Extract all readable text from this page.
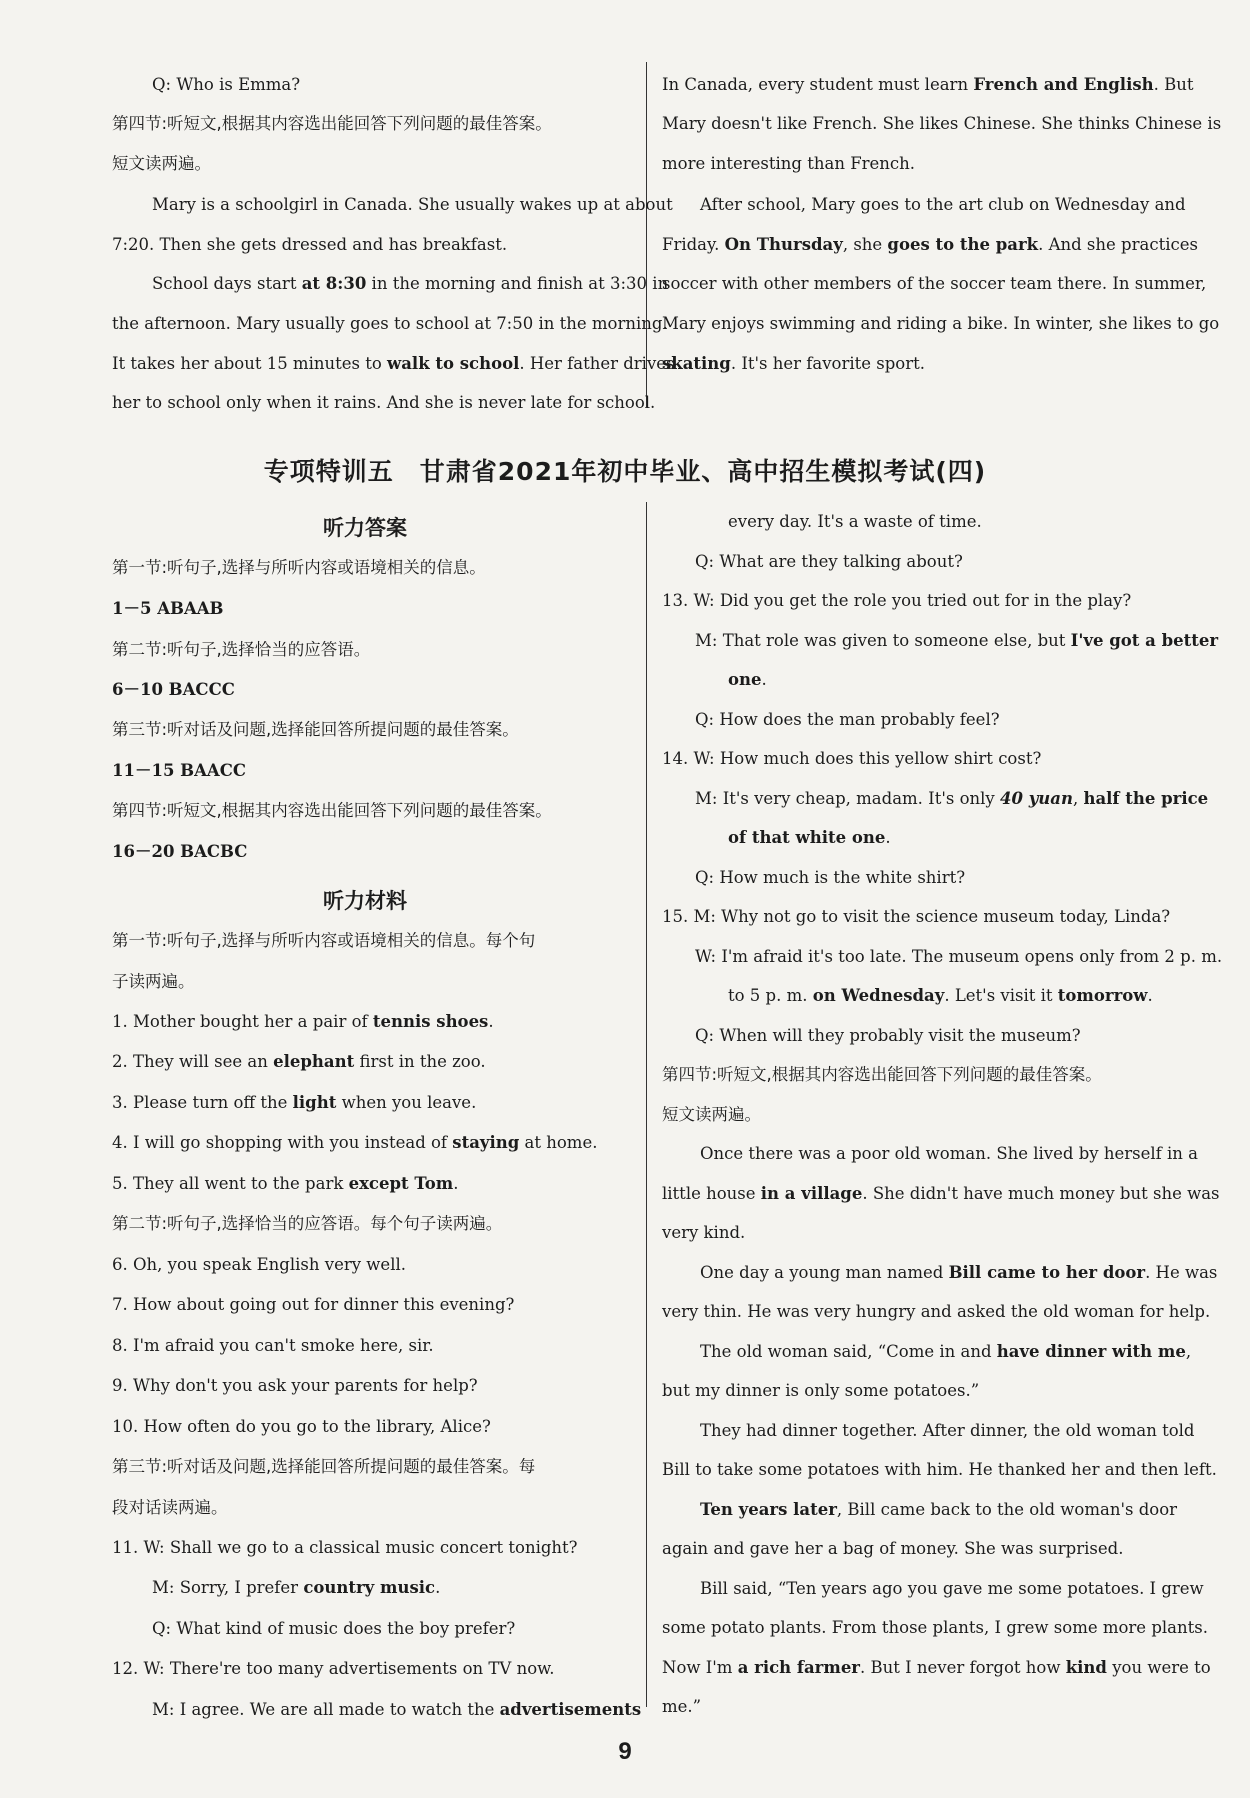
Q: Who is Emma?
第四节:听短文,根据其内容选出能回答下列问题的最佳答案。
短文读两遍。
Mary is a schoolgirl in Canada. She usually wakes up at about
7:20. Then she gets dressed and has breakfast.
School days start at 8:30 in the morning and finish at 3:30 in
the afternoon. Mary usually goes to school at 7:50 in the morning.
It takes her about 15 minutes to walk to school. Her father drives
her to school only when it rains. And she is never late for school.
In Canada, every student must learn French and English. But
Mary doesn't like French. She likes Chinese. She thinks Chinese is
more interesting than French.
After school, Mary goes to the art club on Wednesday and
Friday. On Thursday, she goes to the park. And she practices
soccer with other members of the soccer team there. In summer,
Mary enjoys swimming and riding a bike. In winter, she likes to go
skating. It's her favorite sport.
专项特训五　甘肃省2021年初中毕业、高中招生模拟考试(四)
听力答案
第一节:听句子,选择与所听内容或语境相关的信息。
1－5 ABAAB
第二节:听句子,选择恰当的应答语。
6－10 BACCC
第三节:听对话及问题,选择能回答所提问题的最佳答案。
11－15 BAACC
第四节:听短文,根据其内容选出能回答下列问题的最佳答案。
16－20 BACBC
听力材料
第一节:听句子,选择与所听内容或语境相关的信息。每个句
子读两遍。
1. Mother bought her a pair of tennis shoes.
2. They will see an elephant first in the zoo.
3. Please turn off the light when you leave.
4. I will go shopping with you instead of staying at home.
5. They all went to the park except Tom.
第二节:听句子,选择恰当的应答语。每个句子读两遍。
6. Oh, you speak English very well.
7. How about going out for dinner this evening?
8. I'm afraid you can't smoke here, sir.
9. Why don't you ask your parents for help?
10. How often do you go to the library, Alice?
第三节:听对话及问题,选择能回答所提问题的最佳答案。每
段对话读两遍。
11. W: Shall we go to a classical music concert tonight?
M: Sorry, I prefer country music.
Q: What kind of music does the boy prefer?
12. W: There're too many advertisements on TV now.
M: I agree. We are all made to watch the advertisements
every day. It's a waste of time.
Q: What are they talking about?
13. W: Did you get the role you tried out for in the play?
M: That role was given to someone else, but I've got a better
one.
Q: How does the man probably feel?
14. W: How much does this yellow shirt cost?
M: It's very cheap, madam. It's only 40 yuan, half the price
of that white one.
Q: How much is the white shirt?
15. M: Why not go to visit the science museum today, Linda?
W: I'm afraid it's too late. The museum opens only from 2 p. m.
to 5 p. m. on Wednesday. Let's visit it tomorrow.
Q: When will they probably visit the museum?
第四节:听短文,根据其内容选出能回答下列问题的最佳答案。
短文读两遍。
Once there was a poor old woman. She lived by herself in a
little house in a village. She didn't have much money but she was
very kind.
One day a young man named Bill came to her door. He was
very thin. He was very hungry and asked the old woman for help.
The old woman said, “Come in and have dinner with me,
but my dinner is only some potatoes.”
They had dinner together. After dinner, the old woman told
Bill to take some potatoes with him. He thanked her and then left.
Ten years later, Bill came back to the old woman's door
again and gave her a bag of money. She was surprised.
Bill said, “Ten years ago you gave me some potatoes. I grew
some potato plants. From those plants, I grew some more plants.
Now I'm a rich farmer. But I never forgot how kind you were to
me.”
9
